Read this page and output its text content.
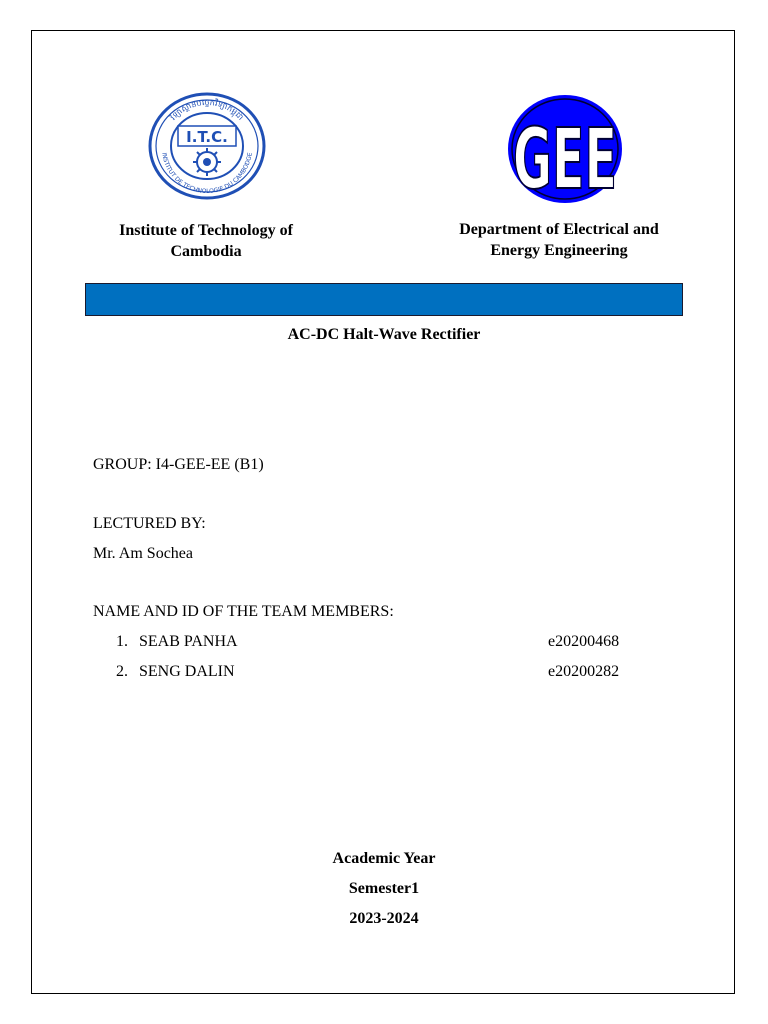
វិទ្យាស្ថានបច្ចេកវិទ្យាកម្ពុជា
INSTITUT DE TECHNOLOGIE DU CAMBODGE
I.T.C.	GEE
Institute of Technology of
Cambodia
Department of Electrical and
Energy Engineering
AC-DC Halt-Wave Rectifier
GROUP: I4-GEE-EE (B1)
LECTURED BY:
Mr. Am Sochea
NAME AND ID OF THE TEAM MEMBERS:
1. SEAB PANHA	e20200468
2. SENG DALIN	e20200282
Academic Year
Semester1
2023-2024
